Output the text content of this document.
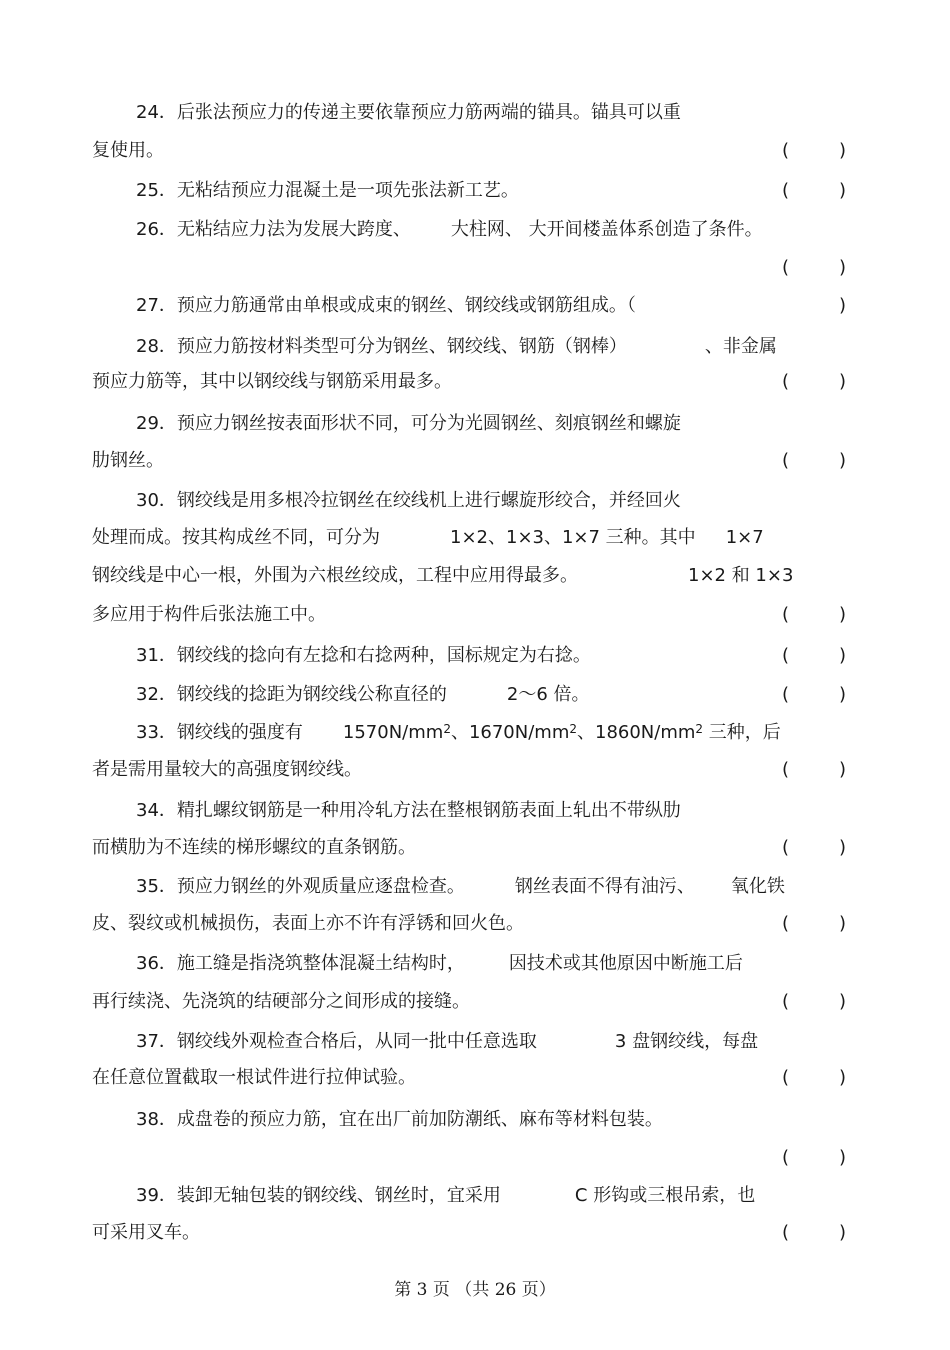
24．后张法预应力的传递主要依靠预应力筋两端的锚具。锚具可以重
复使用。	(	)
25．无粘结预应力混凝土是一项先张法新工艺。	(	)
26．无粘结应力法为发展大跨度、 大柱网、 大开间楼盖体系创造了条件。
(	)
27．预应力筋通常由单根或成束的钢丝、钢绞线或钢筋组成。（	)
28．预应力筋按材料类型可分为钢丝、钢绞线、钢筋（钢棒）	、非金属
预应力筋等，其中以钢绞线与钢筋采用最多。	(	)
29．预应力钢丝按表面形状不同，可分为光圆钢丝、刻痕钢丝和螺旋
肋钢丝。	(	)
30．钢绞线是用多根冷拉钢丝在绞线机上进行螺旋形绞合，并经回火
处理而成。按其构成丝不同，可分为	1×2、1×3、1×7 三种。其中 1×7
钢绞线是中心一根，外围为六根丝绞成，工程中应用得最多。	1×2 和 1×3
多应用于构件后张法施工中。	(	)
31．钢绞线的捻向有左捻和右捻两种，国标规定为右捻。	(	)
32．钢绞线的捻距为钢绞线公称直径的	2～6 倍。	(	)
33．钢绞线的强度有 $1570N/mm^2$、$1670N/mm^2$、$1860N/mm^2$ 三种，后
者是需用量较大的高强度钢绞线。	(	)
34．精扎螺纹钢筋是一种用冷轧方法在整根钢筋表面上轧出不带纵肋
而横肋为不连续的梯形螺纹的直条钢筋。	(	)
35．预应力钢丝的外观质量应逐盘检查。	钢丝表面不得有油污、 氧化铁
皮、裂纹或机械损伤，表面上亦不许有浮锈和回火色。	(	)
36．施工缝是指浇筑整体混凝土结构时， 因技术或其他原因中断施工后
再行续浇、先浇筑的结硬部分之间形成的接缝。	(	)
37．钢绞线外观检查合格后，从同一批中任意选取	3 盘钢绞线，每盘
在任意位置截取一根试件进行拉伸试验。	(	)
38．成盘卷的预应力筋，宜在出厂前加防潮纸、麻布等材料包装。
(	)
39．装卸无轴包装的钢绞线、钢丝时，宜采用	C 形钩或三根吊索，也
可采用叉车。	(	)
第 3 页 （共 26 页）
